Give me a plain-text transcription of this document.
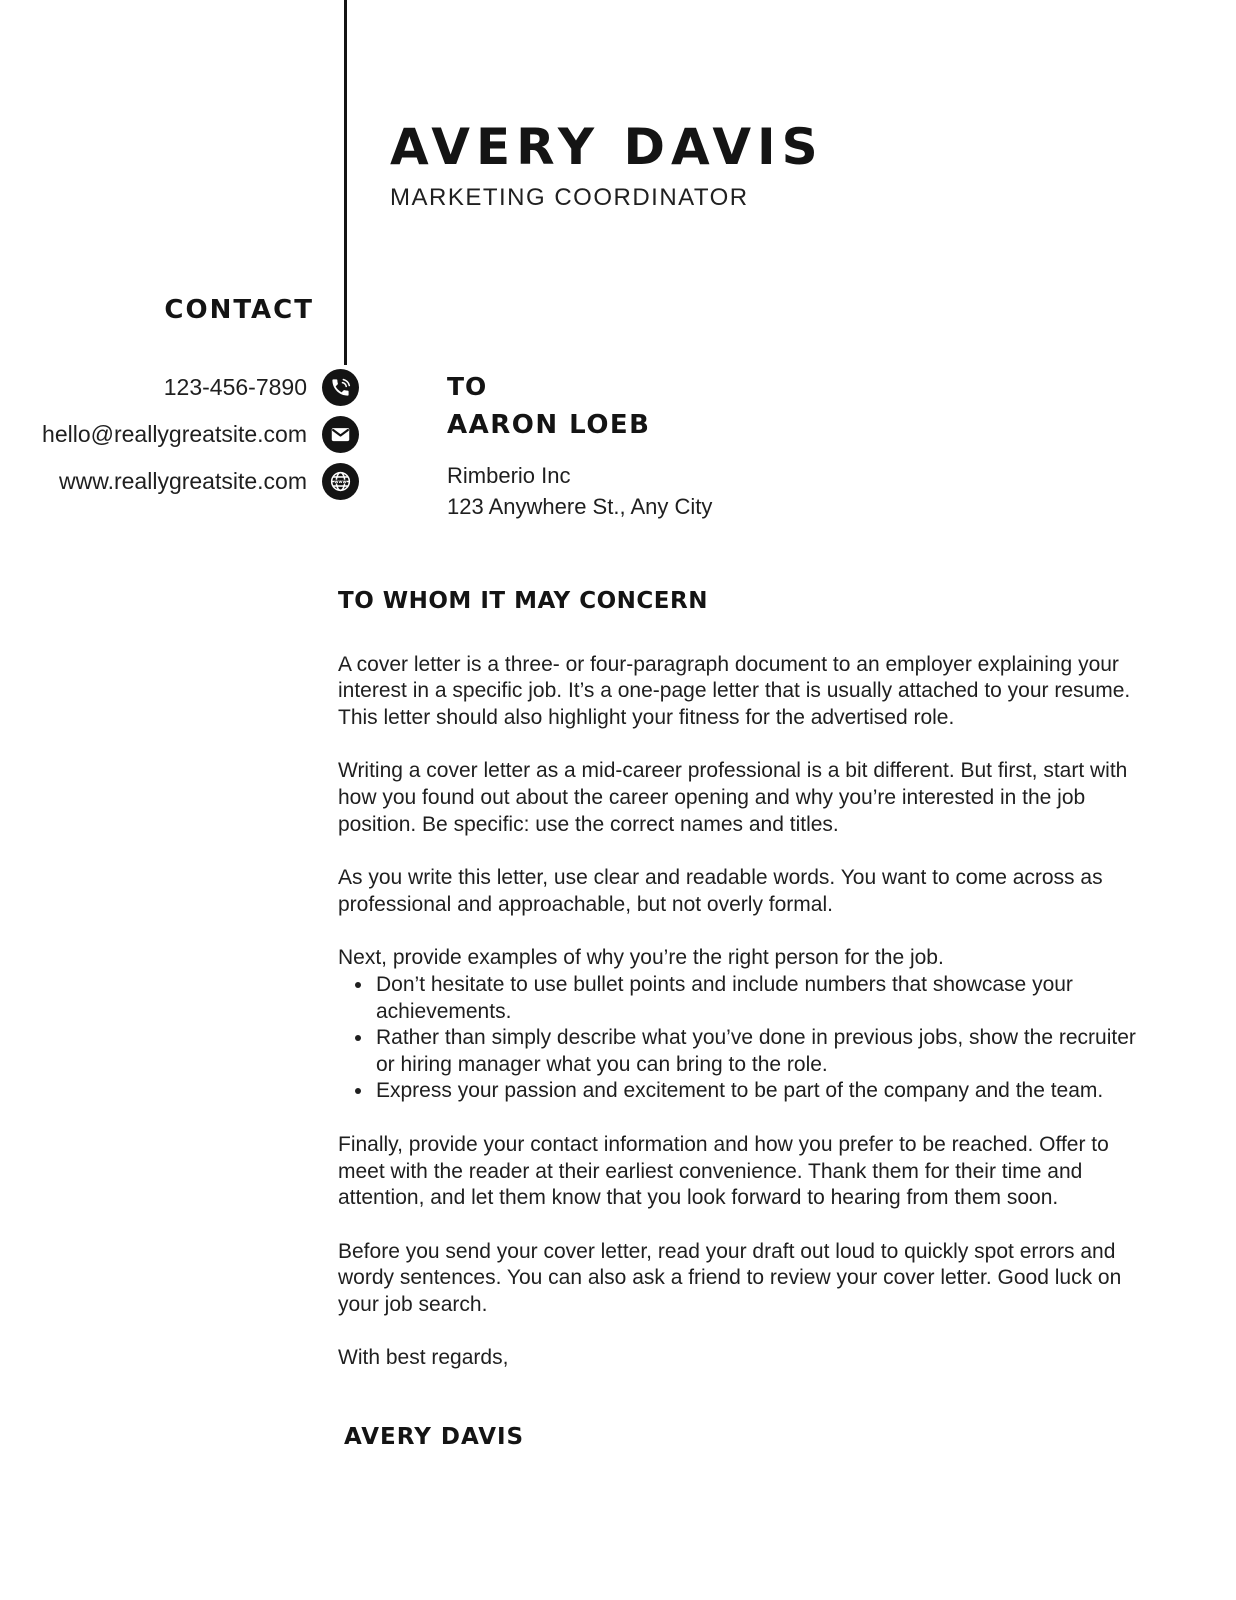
AVERY DAVIS
MARKETING COORDINATOR
CONTACT
123-456-7890
hello@reallygreatsite.com
www.reallygreatsite.com	www
TO
AARON LOEB
Rimberio Inc
123 Anywhere St., Any City
TO WHOM IT MAY CONCERN

A cover letter is a three- or four-paragraph document to an employer explaining your interest in a specific job. It’s a one-page letter that is usually attached to your resume. This letter should also highlight your fitness for the advertised role.

Writing a cover letter as a mid-career professional is a bit different. But first, start with how you found out about the career opening and why you’re interested in the job position. Be specific: use the correct names and titles.

As you write this letter, use clear and readable words. You want to come across as professional and approachable, but not overly formal.

Next, provide examples of why you’re the right person for the job.

• Don’t hesitate to use bullet points and include numbers that showcase your achievements.
• Rather than simply describe what you’ve done in previous jobs, show the recruiter or hiring manager what you can bring to the role.
• Express your passion and excitement to be part of the company and the team.

Finally, provide your contact information and how you prefer to be reached. Offer to meet with the reader at their earliest convenience. Thank them for their time and attention, and let them know that you look forward to hearing from them soon.

Before you send your cover letter, read your draft out loud to quickly spot errors and wordy sentences. You can also ask a friend to review your cover letter. Good luck on your job search.

With best regards,

AVERY DAVIS
